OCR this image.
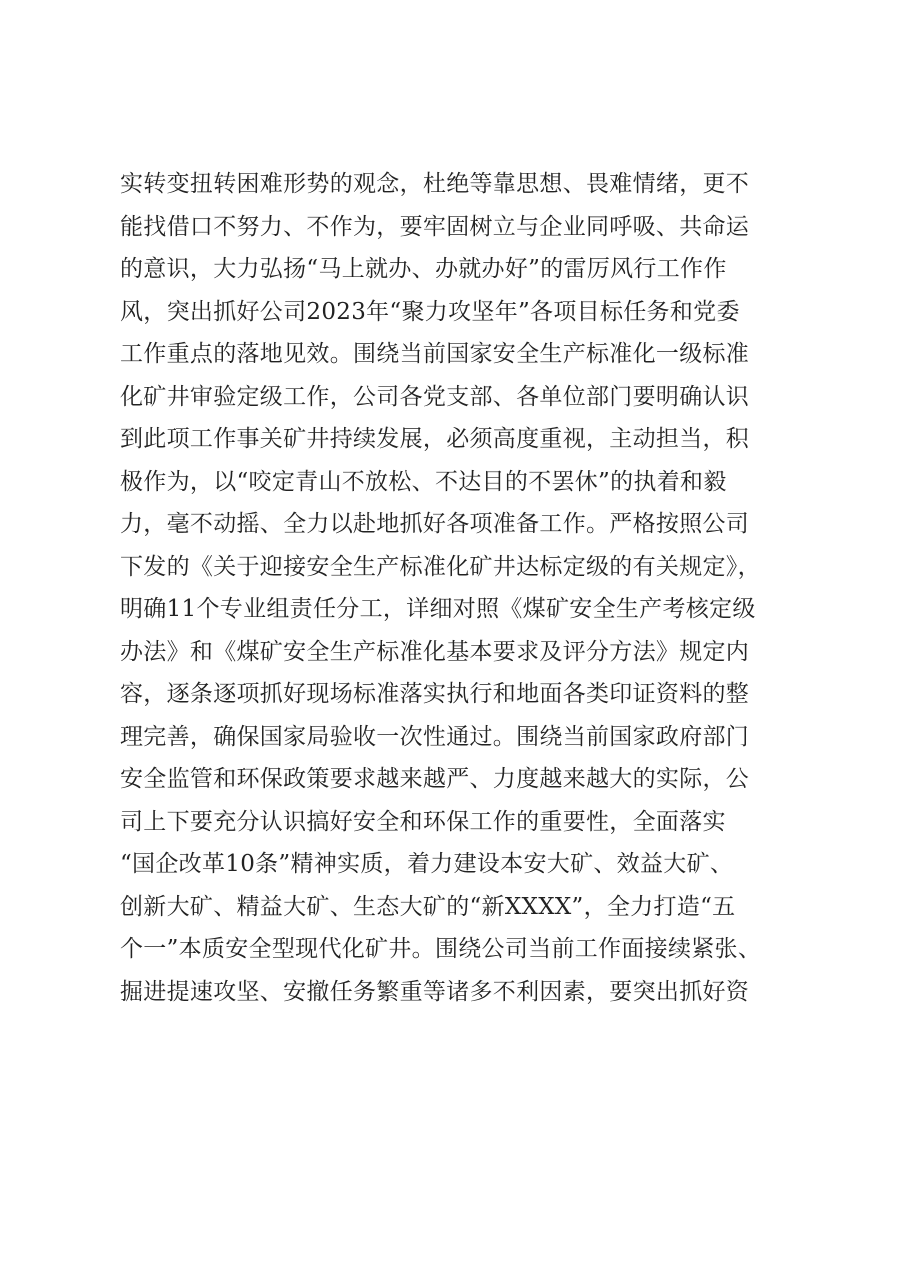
实转变扭转困难形势的观念，杜绝等靠思想、畏难情绪，更不
能找借口不努力、不作为，要牢固树立与企业同呼吸、共命运
的意识，大力弘扬“马上就办、办就办好”的雷厉风行工作作
风，突出抓好公司2023年“聚力攻坚年”各项目标任务和党委
工作重点的落地见效。围绕当前国家安全生产标准化一级标准
化矿井审验定级工作，公司各党支部、各单位部门要明确认识
到此项工作事关矿井持续发展，必须高度重视，主动担当，积
极作为，以“咬定青山不放松、不达目的不罢休”的执着和毅
力，毫不动摇、全力以赴地抓好各项准备工作。严格按照公司
下发的《关于迎接安全生产标准化矿井达标定级的有关规定》，
明确11个专业组责任分工，详细对照《煤矿安全生产考核定级
办法》和《煤矿安全生产标准化基本要求及评分方法》规定内
容，逐条逐项抓好现场标准落实执行和地面各类印证资料的整
理完善，确保国家局验收一次性通过。围绕当前国家政府部门
安全监管和环保政策要求越来越严、力度越来越大的实际，公
司上下要充分认识搞好安全和环保工作的重要性，全面落实
“国企改革10条”精神实质，着力建设本安大矿、效益大矿、
创新大矿、精益大矿、生态大矿的“新XXXX”，全力打造“五
个一”本质安全型现代化矿井。围绕公司当前工作面接续紧张、
掘进提速攻坚、安撤任务繁重等诸多不利因素，要突出抓好资
